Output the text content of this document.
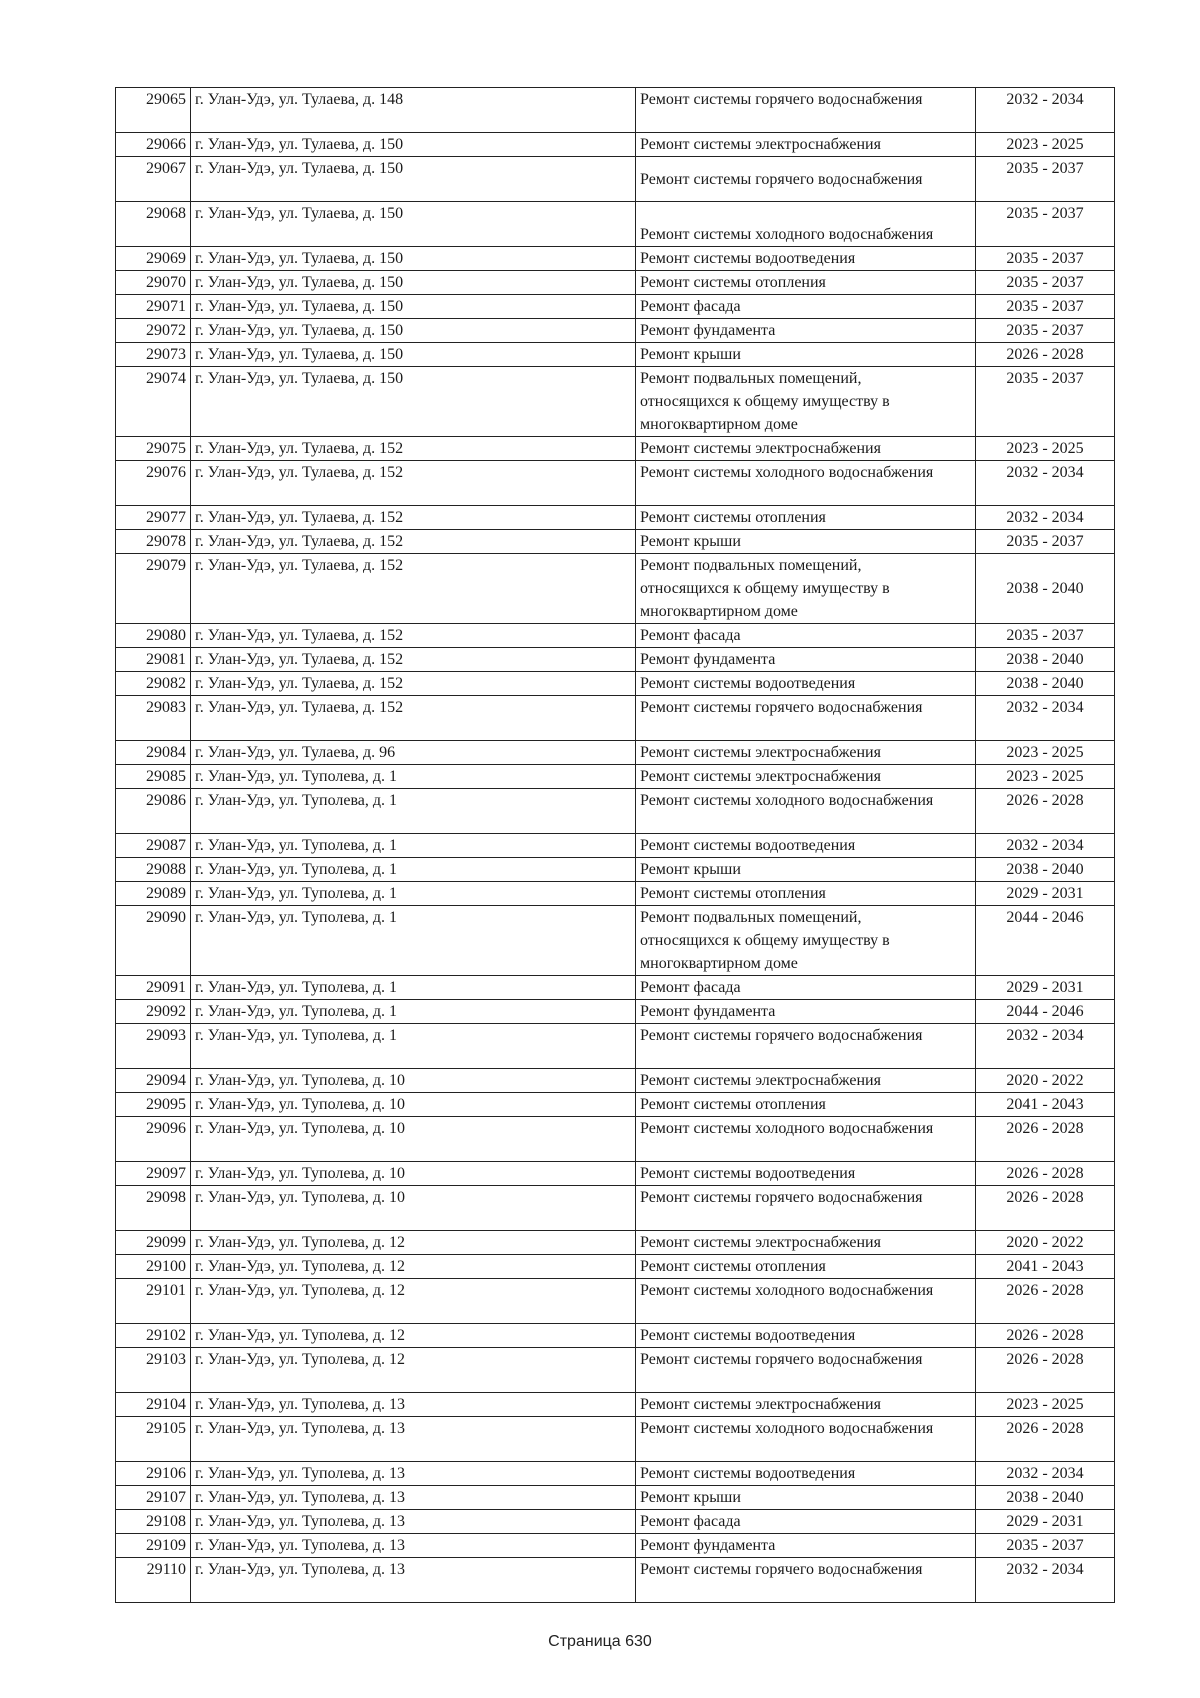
29065	г. Улан-Удэ, ул. Тулаева, д. 148	Ремонт системы горячего водоснабжения	2032 - 2034
29066	г. Улан-Удэ, ул. Тулаева, д. 150	Ремонт системы электроснабжения	2023 - 2025
29067	г. Улан-Удэ, ул. Тулаева, д. 150	Ремонт системы горячего водоснабжения	2035 - 2037
29068	г. Улан-Удэ, ул. Тулаева, д. 150	Ремонт системы холодного водоснабжения	2035 - 2037
29069	г. Улан-Удэ, ул. Тулаева, д. 150	Ремонт системы водоотведения	2035 - 2037
29070	г. Улан-Удэ, ул. Тулаева, д. 150	Ремонт системы отопления	2035 - 2037
29071	г. Улан-Удэ, ул. Тулаева, д. 150	Ремонт фасада	2035 - 2037
29072	г. Улан-Удэ, ул. Тулаева, д. 150	Ремонт фундамента	2035 - 2037
29073	г. Улан-Удэ, ул. Тулаева, д. 150	Ремонт крыши	2026 - 2028
29074	г. Улан-Удэ, ул. Тулаева, д. 150	Ремонт подвальных помещений,
относящихся к общему имуществу в
многоквартирном доме	2035 - 2037
29075	г. Улан-Удэ, ул. Тулаева, д. 152	Ремонт системы электроснабжения	2023 - 2025
29076	г. Улан-Удэ, ул. Тулаева, д. 152	Ремонт системы холодного водоснабжения	2032 - 2034
29077	г. Улан-Удэ, ул. Тулаева, д. 152	Ремонт системы отопления	2032 - 2034
29078	г. Улан-Удэ, ул. Тулаева, д. 152	Ремонт крыши	2035 - 2037
29079	г. Улан-Удэ, ул. Тулаева, д. 152	Ремонт подвальных помещений,
относящихся к общему имуществу в
многоквартирном доме	2038 - 2040
29080	г. Улан-Удэ, ул. Тулаева, д. 152	Ремонт фасада	2035 - 2037
29081	г. Улан-Удэ, ул. Тулаева, д. 152	Ремонт фундамента	2038 - 2040
29082	г. Улан-Удэ, ул. Тулаева, д. 152	Ремонт системы водоотведения	2038 - 2040
29083	г. Улан-Удэ, ул. Тулаева, д. 152	Ремонт системы горячего водоснабжения	2032 - 2034
29084	г. Улан-Удэ, ул. Тулаева, д. 96	Ремонт системы электроснабжения	2023 - 2025
29085	г. Улан-Удэ, ул. Туполева, д. 1	Ремонт системы электроснабжения	2023 - 2025
29086	г. Улан-Удэ, ул. Туполева, д. 1	Ремонт системы холодного водоснабжения	2026 - 2028
29087	г. Улан-Удэ, ул. Туполева, д. 1	Ремонт системы водоотведения	2032 - 2034
29088	г. Улан-Удэ, ул. Туполева, д. 1	Ремонт крыши	2038 - 2040
29089	г. Улан-Удэ, ул. Туполева, д. 1	Ремонт системы отопления	2029 - 2031
29090	г. Улан-Удэ, ул. Туполева, д. 1	Ремонт подвальных помещений,
относящихся к общему имуществу в
многоквартирном доме	2044 - 2046
29091	г. Улан-Удэ, ул. Туполева, д. 1	Ремонт фасада	2029 - 2031
29092	г. Улан-Удэ, ул. Туполева, д. 1	Ремонт фундамента	2044 - 2046
29093	г. Улан-Удэ, ул. Туполева, д. 1	Ремонт системы горячего водоснабжения	2032 - 2034
29094	г. Улан-Удэ, ул. Туполева, д. 10	Ремонт системы электроснабжения	2020 - 2022
29095	г. Улан-Удэ, ул. Туполева, д. 10	Ремонт системы отопления	2041 - 2043
29096	г. Улан-Удэ, ул. Туполева, д. 10	Ремонт системы холодного водоснабжения	2026 - 2028
29097	г. Улан-Удэ, ул. Туполева, д. 10	Ремонт системы водоотведения	2026 - 2028
29098	г. Улан-Удэ, ул. Туполева, д. 10	Ремонт системы горячего водоснабжения	2026 - 2028
29099	г. Улан-Удэ, ул. Туполева, д. 12	Ремонт системы электроснабжения	2020 - 2022
29100	г. Улан-Удэ, ул. Туполева, д. 12	Ремонт системы отопления	2041 - 2043
29101	г. Улан-Удэ, ул. Туполева, д. 12	Ремонт системы холодного водоснабжения	2026 - 2028
29102	г. Улан-Удэ, ул. Туполева, д. 12	Ремонт системы водоотведения	2026 - 2028
29103	г. Улан-Удэ, ул. Туполева, д. 12	Ремонт системы горячего водоснабжения	2026 - 2028
29104	г. Улан-Удэ, ул. Туполева, д. 13	Ремонт системы электроснабжения	2023 - 2025
29105	г. Улан-Удэ, ул. Туполева, д. 13	Ремонт системы холодного водоснабжения	2026 - 2028
29106	г. Улан-Удэ, ул. Туполева, д. 13	Ремонт системы водоотведения	2032 - 2034
29107	г. Улан-Удэ, ул. Туполева, д. 13	Ремонт крыши	2038 - 2040
29108	г. Улан-Удэ, ул. Туполева, д. 13	Ремонт фасада	2029 - 2031
29109	г. Улан-Удэ, ул. Туполева, д. 13	Ремонт фундамента	2035 - 2037
29110	г. Улан-Удэ, ул. Туполева, д. 13	Ремонт системы горячего водоснабжения	2032 - 2034
Страница 630
